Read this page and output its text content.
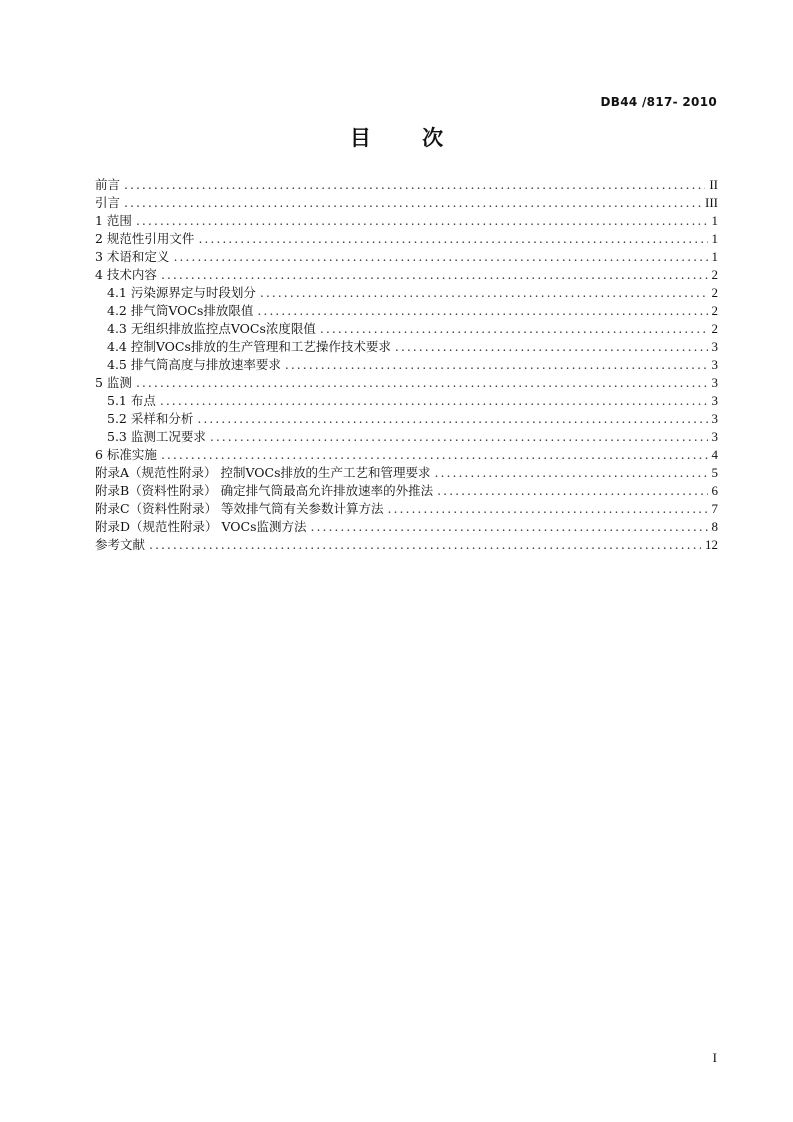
DB44 /817- 2010
目 次
前言 .....	II
引言 .....	III
1 范围 .....	1
2 规范性引用文件 .....	1
3 术语和定义 .....	1
4 技术内容 .....	2
4.1 污染源界定与时段划分 .....	2
4.2 排气筒VOCs排放限值 .....	2
4.3 无组织排放监控点VOCs浓度限值 .....	2
4.4 控制VOCs排放的生产管理和工艺操作技术要求 .....	3
4.5 排气筒高度与排放速率要求 .....	3
5 监测 .....	3
5.1 布点 .....	3
5.2 采样和分析 .....	3
5.3 监测工况要求 .....	3
6 标准实施 .....	4
附录A（规范性附录） 控制VOCs排放的生产工艺和管理要求 .....	5
附录B（资料性附录） 确定排气筒最高允许排放速率的外推法 .....	6
附录C（资料性附录） 等效排气筒有关参数计算方法 .....	7
附录D（规范性附录） VOCs监测方法 .....	8
参考文献 .....	12
I
